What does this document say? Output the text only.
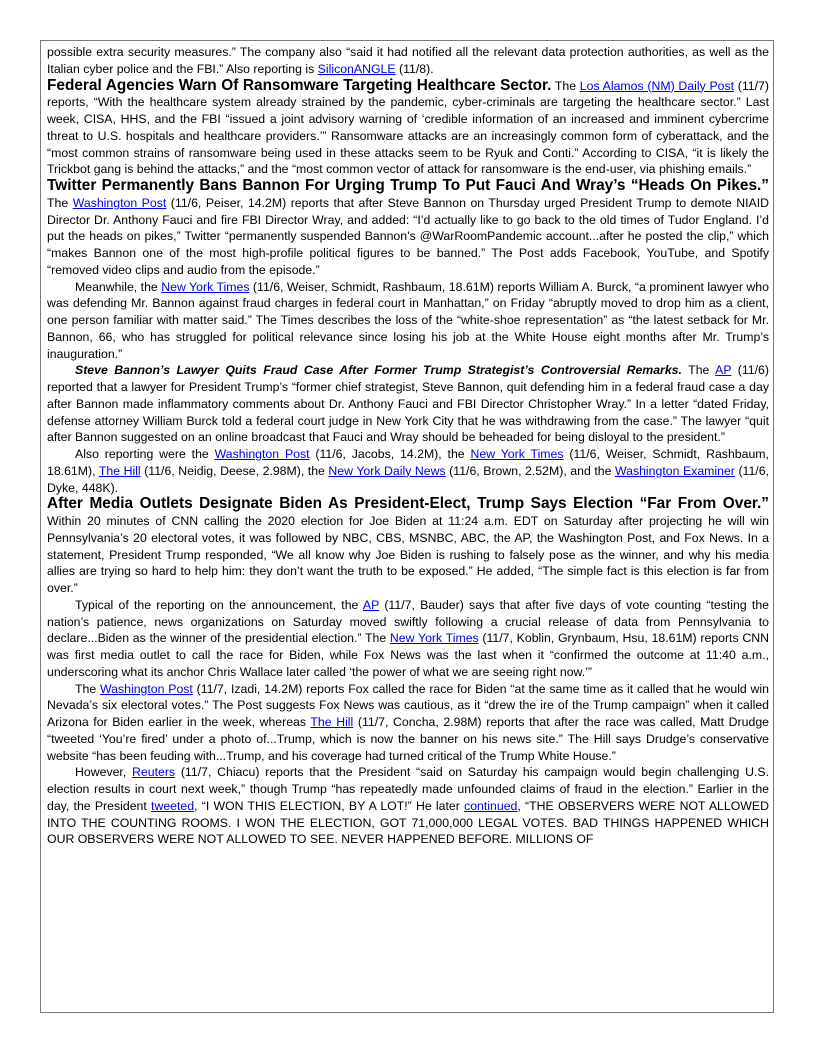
possible extra security measures.” The company also “said it had notified all the relevant data protection authorities, as well as the Italian cyber police and the FBI.” Also reporting is SiliconANGLE (11/8).

Federal Agencies Warn Of Ransomware Targeting Healthcare Sector. The Los Alamos (NM) Daily Post (11/7) reports, “With the healthcare system already strained by the pandemic, cyber-criminals are targeting the healthcare sector.” Last week, CISA, HHS, and the FBI “issued a joint advisory warning of ‘credible information of an increased and imminent cybercrime threat to U.S. hospitals and healthcare providers.’” Ransomware attacks are an increasingly common form of cyberattack, and the “most common strains of ransomware being used in these attacks seem to be Ryuk and Conti.” According to CISA, “it is likely the Trickbot gang is behind the attacks,” and the “most common vector of attack for ransomware is the end-user, via phishing emails.”

Twitter Permanently Bans Bannon For Urging Trump To Put Fauci And Wray’s “Heads On Pikes.” The Washington Post (11/6, Peiser, 14.2M) reports that after Steve Bannon on Thursday urged President Trump to demote NIAID Director Dr. Anthony Fauci and fire FBI Director Wray, and added: “I’d actually like to go back to the old times of Tudor England. I’d put the heads on pikes,” Twitter “permanently suspended Bannon’s @WarRoomPandemic account...after he posted the clip,” which “makes Bannon one of the most high-profile political figures to be banned.” The Post adds Facebook, YouTube, and Spotify “removed video clips and audio from the episode.”

Meanwhile, the New York Times (11/6, Weiser, Schmidt, Rashbaum, 18.61M) reports William A. Burck, “a prominent lawyer who was defending Mr. Bannon against fraud charges in federal court in Manhattan,” on Friday “abruptly moved to drop him as a client, one person familiar with matter said.” The Times describes the loss of the “white-shoe representation” as “the latest setback for Mr. Bannon, 66, who has struggled for political relevance since losing his job at the White House eight months after Mr. Trump’s inauguration.”

Steve Bannon’s Lawyer Quits Fraud Case After Former Trump Strategist’s Controversial Remarks. The AP (11/6) reported that a lawyer for President Trump’s “former chief strategist, Steve Bannon, quit defending him in a federal fraud case a day after Bannon made inflammatory comments about Dr. Anthony Fauci and FBI Director Christopher Wray.” In a letter “dated Friday, defense attorney William Burck told a federal court judge in New York City that he was withdrawing from the case.” The lawyer “quit after Bannon suggested on an online broadcast that Fauci and Wray should be beheaded for being disloyal to the president.”

Also reporting were the Washington Post (11/6, Jacobs, 14.2M), the New York Times (11/6, Weiser, Schmidt, Rashbaum, 18.61M), The Hill (11/6, Neidig, Deese, 2.98M), the New York Daily News (11/6, Brown, 2.52M), and the Washington Examiner (11/6, Dyke, 448K).

After Media Outlets Designate Biden As President-Elect, Trump Says Election “Far From Over.” Within 20 minutes of CNN calling the 2020 election for Joe Biden at 11:24 a.m. EDT on Saturday after projecting he will win Pennsylvania’s 20 electoral votes, it was followed by NBC, CBS, MSNBC, ABC, the AP, the Washington Post, and Fox News. In a statement, President Trump responded, “We all know why Joe Biden is rushing to falsely pose as the winner, and why his media allies are trying so hard to help him: they don’t want the truth to be exposed.” He added, “The simple fact is this election is far from over.”

Typical of the reporting on the announcement, the AP (11/7, Bauder) says that after five days of vote counting “testing the nation’s patience, news organizations on Saturday moved swiftly following a crucial release of data from Pennsylvania to declare...Biden as the winner of the presidential election.” The New York Times (11/7, Koblin, Grynbaum, Hsu, 18.61M) reports CNN was first media outlet to call the race for Biden, while Fox News was the last when it “confirmed the outcome at 11:40 a.m., underscoring what its anchor Chris Wallace later called ‘the power of what we are seeing right now.’”

The Washington Post (11/7, Izadi, 14.2M) reports Fox called the race for Biden “at the same time as it called that he would win Nevada’s six electoral votes.” The Post suggests Fox News was cautious, as it “drew the ire of the Trump campaign” when it called Arizona for Biden earlier in the week, whereas The Hill (11/7, Concha, 2.98M) reports that after the race was called, Matt Drudge “tweeted ‘You’re fired’ under a photo of...Trump, which is now the banner on his news site.” The Hill says Drudge’s conservative website “has been feuding with...Trump, and his coverage had turned critical of the Trump White House.”

However, Reuters (11/7, Chiacu) reports that the President “said on Saturday his campaign would begin challenging U.S. election results in court next week,” though Trump “has repeatedly made unfounded claims of fraud in the election.” Earlier in the day, the President tweeted, “I WON THIS ELECTION, BY A LOT!” He later continued, “THE OBSERVERS WERE NOT ALLOWED INTO THE COUNTING ROOMS. I WON THE ELECTION, GOT 71,000,000 LEGAL VOTES. BAD THINGS HAPPENED WHICH OUR OBSERVERS WERE NOT ALLOWED TO SEE. NEVER HAPPENED BEFORE. MILLIONS OF
